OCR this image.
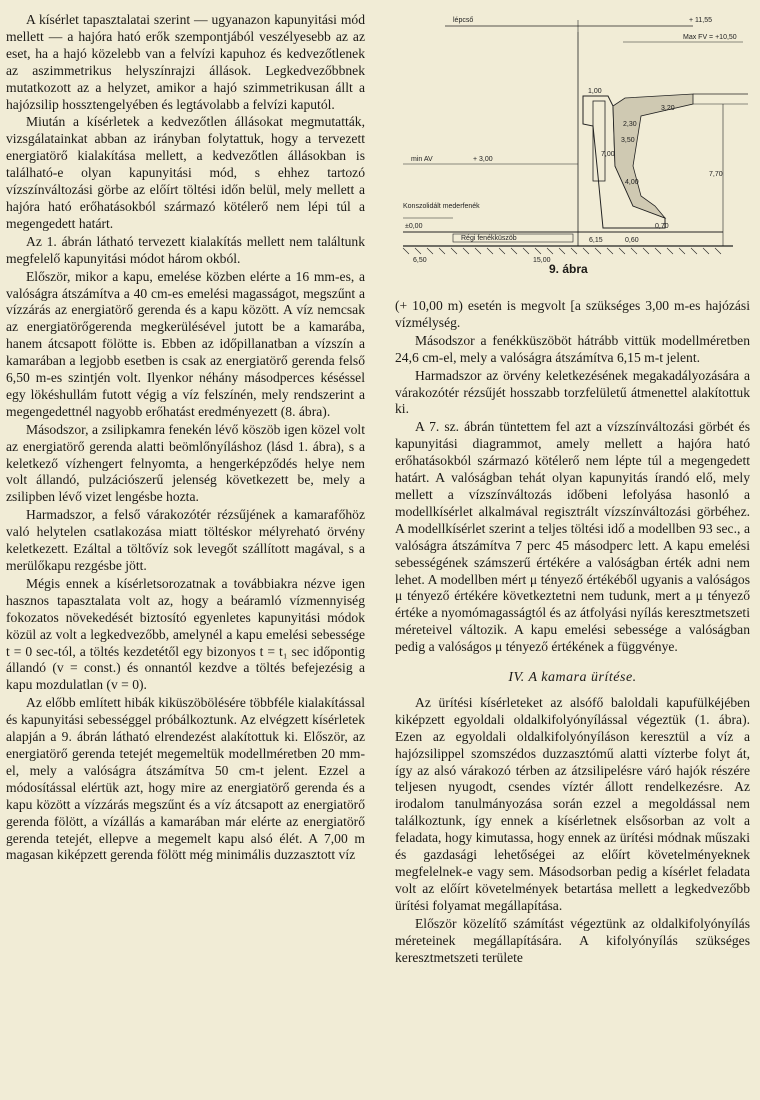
A kísérlet tapasztalatai szerint — ugyanazon kapunyitási mód mellett — a hajóra ható erők szempontjából veszélyesebb az az eset, ha a hajó közelebb van a felvízi kapuhoz és kedvezőtlenek az aszimmetrikus helyszínrajzi állások. Legkedvezőbbnek mutatkozott az a helyzet, amikor a hajó szimmetrikusan állt a hajózsilip hossztengelyében és legtávolabb a felvízi kaputól.

Miután a kísérletek a kedvezőtlen állásokat megmutatták, vizsgálatainkat abban az irányban folytattuk, hogy a tervezett energiatörő kialakítása mellett, a kedvezőtlen állásokban is található-e olyan kapunyitási mód, s ehhez tartozó vízszínváltozási görbe az előírt töltési időn belül, mely mellett a hajóra ható erőhatásokból származó kötélerő nem lépi túl a megengedett határt.

Az 1. ábrán látható tervezett kialakítás mellett nem találtunk megfelelő kapunyitási módot három okból.

Először, mikor a kapu, emelése közben elérte a 16 mm-es, a valóságra átszámítva a 40 cm-es emelési magasságot, megszűnt a vízzárás az energiatörő gerenda és a kapu között. A víz nemcsak az energiatörőgerenda megkerülésével jutott be a kamarába, hanem átcsapott fölötte is. Ebben az időpillanatban a vízszín a kamarában a legjobb esetben is csak az energiatörő gerenda felső 6,50 m-es szintjén volt. Ilyenkor néhány másodperces késéssel egy lökéshullám futott végig a víz felszínén, mely rendszerint a megengedettnél nagyobb erőhatást eredményezett (8. ábra).

Másodszor, a zsilipkamra fenekén lévő köszöb igen közel volt az energiatörő gerenda alatti beömlőnyíláshoz (lásd 1. ábra), s a keletkező vízhengert felnyomta, a hengerképződés helye nem volt állandó, pulzációszerű jelenség következett be, mely a zsilipben lévő vizet lengésbe hozta.

Harmadszor, a felső várakozótér rézsűjének a kamarafőhöz való helytelen csatlakozása miatt töltéskor mélyreható örvény keletkezett. Ezáltal a töltővíz sok levegőt szállított magával, s a merülőkapu rezgésbe jött.

Mégis ennek a kísérletsorozatnak a továbbiakra nézve igen hasznos tapasztalata volt az, hogy a beáramló vízmennyiség fokozatos növekedését biztosító egyenletes kapunyitási módok közül az volt a legkedvezőbb, amelynél a kapu emelési sebessége t = 0 sec-tól, a töltés kezdetétől egy bizonyos t = t₁ sec időpontig állandó (v = const.) és onnantól kezdve a töltés befejezésig a kapu mozdulatlan (v = 0).

Az előbb említett hibák kiküszöbölésére többféle kialakítással és kapunyitási sebességgel próbálkoztunk. Az elvégzett kísérletek alapján a 9. ábrán látható elrendezést alakítottuk ki. Először, az energiatörő gerenda tetejét megemeltük modellméretben 20 mm-el, mely a valóságra átszámítva 50 cm-t jelent. Ezzel a módosítással elértük azt, hogy mire az energiatörő gerenda és a kapu között a vízzárás megszűnt és a víz átcsapott az energiatörő gerenda fölött, a vízállás a kamarában már elérte az energiatörő gerenda tetejét, ellepve a megemelt kapu alsó élét. A 7,00 m magasan kiképzett gerenda fölött még minimális duzzasztott víz

lépcső	+ 11,55
Max FV = +10,50
1,00
3,20
3,50
7,00
7,70
4,00
0,70
2,30
min AV	+ 3,00
Konszolidált mederfenék
±0,00
Régi fenékküszöb
6,50	15,00
6,15	0,60
9. ábra

(+ 10,00 m) esetén is megvolt [a szükséges 3,00 m-es hajózási vízmélység.

Másodszor a fenékküszöböt hátrább vittük modellméretben 24,6 cm-el, mely a valóságra átszámítva 6,15 m-t jelent.

Harmadszor az örvény keletkezésének megakadályozására a várakozótér rézsűjét hosszabb torzfelületű átmenettel alakítottuk ki.

A 7. sz. ábrán tüntettem fel azt a vízszínváltozási görbét és kapunyitási diagrammot, amely mellett a hajóra ható erőhatásokból származó kötélerő nem lépte túl a megengedett határt. A valóságban tehát olyan kapunyitás írandó elő, mely mellett a vízszínváltozás időbeni lefolyása hasonló a modellkísérlet alkalmával regisztrált vízszínváltozási görbéhez. A modellkísérlet szerint a teljes töltési idő a modellben 93 sec., a valóságra átszámítva 7 perc 45 másodperc lett. A kapu emelési sebességének számszerű értékére a valóságban érték adni nem lehet. A modellben mért μ tényező értékéből ugyanis a valóságos μ tényező értékére következtetni nem tudunk, mert a μ tényező értéke a nyomómagasságtól és az átfolyási nyílás keresztmetszeti méreteivel változik. A kapu emelési sebessége a valóságban pedig a valóságos μ tényező értékének a függvénye.

IV. A kamara ürítése.

Az ürítési kísérleteket az alsófő baloldali kapufülkéjében kiképzett egyoldali oldalkifolyónyílással végeztük (1. ábra). Ezen az egyoldali oldalkifolyónyíláson keresztül a víz a hajózsilippel szomszédos duzzasztómű alatti vízterbe folyt át, így az alsó várakozó térben az átzsilipelésre váró hajók részére teljesen nyugodt, csendes víztér állott rendelkezésre. Az irodalom tanulmányozása során ezzel a megoldással nem találkoztunk, így ennek a kísérletnek elsősorban az volt a feladata, hogy kimutassa, hogy ennek az ürítési módnak műszaki és gazdasági lehetőségei az előírt követelményeknek megfelelnek-e vagy sem. Másodsorban pedig a kísérlet feladata volt az előírt követelmények betartása mellett a legkedvezőbb ürítési folyamat megállapítása.

Először közelítő számítást végeztünk az oldalkifolyónyílás méreteinek megállapítására. A kifolyónyílás szükséges keresztmetszeti területe
